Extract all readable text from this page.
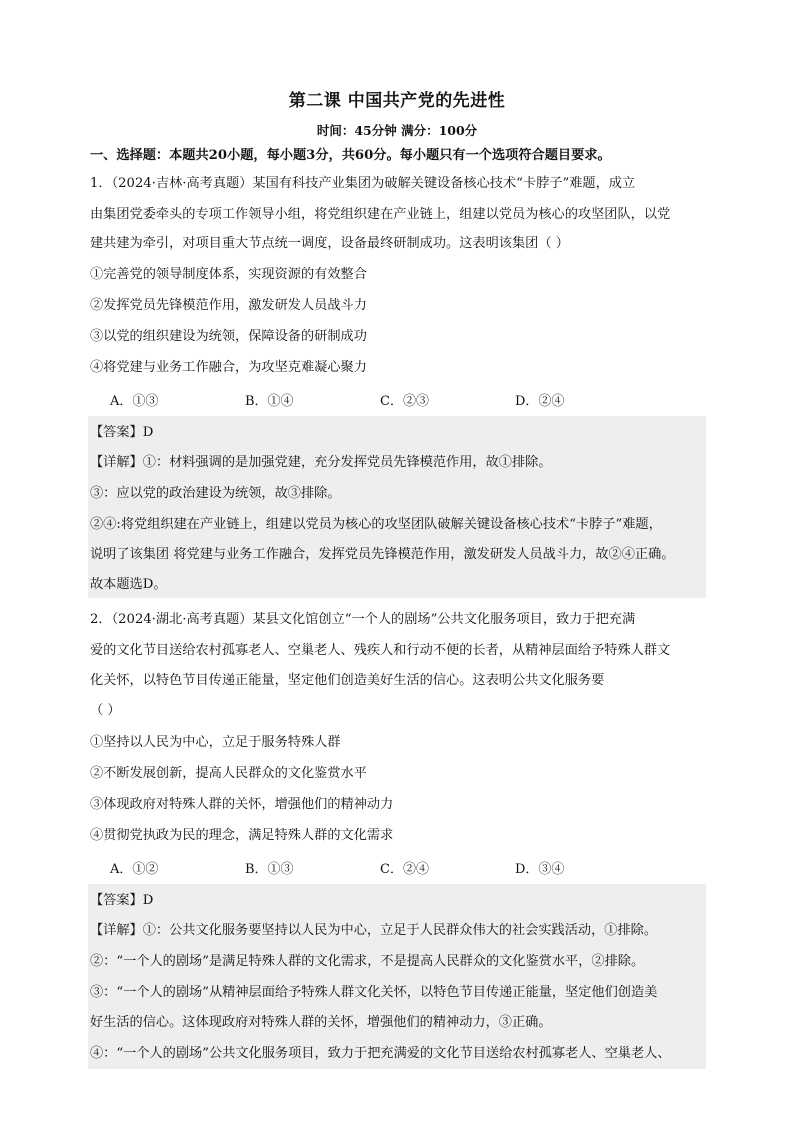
第二课 中国共产党的先进性
时间：45分钟 满分：100分
一、选择题：本题共20小题，每小题3分，共60分。每小题只有一个选项符合题目要求。
1．（2024·吉林·高考真题）某国有科技产业集团为破解关键设备核心技术“卡脖子”难题，成立
由集团党委牵头的专项工作领导小组，将党组织建在产业链上，组建以党员为核心的攻坚团队，以党
建共建为牵引，对项目重大节点统一调度，设备最终研制成功。这表明该集团（ ）
①完善党的领导制度体系，实现资源的有效整合
②发挥党员先锋模范作用，激发研发人员战斗力
③以党的组织建设为统领，保障设备的研制成功
④将党建与业务工作融合，为攻坚克难凝心聚力
A．①③	B．①④	C．②③	D．②④
【答案】D
【详解】①：材料强调的是加强党建，充分发挥党员先锋模范作用，故①排除。
③：应以党的政治建设为统领，故③排除。
②④:将党组织建在产业链上，组建以党员为核心的攻坚团队破解关键设备核心技术“卡脖子”难题，
说明了该集团 将党建与业务工作融合，发挥党员先锋模范作用，激发研发人员战斗力，故②④正确。
故本题选D。
2．（2024·湖北·高考真题）某县文化馆创立“一个人的剧场”公共文化服务项目，致力于把充满
爱的文化节目送给农村孤寡老人、空巢老人、残疾人和行动不便的长者，从精神层面给予特殊人群文
化关怀，以特色节目传递正能量，坚定他们创造美好生活的信心。这表明公共文化服务要
（ ）
①坚持以人民为中心，立足于服务特殊人群
②不断发展创新，提高人民群众的文化鉴赏水平
③体现政府对特殊人群的关怀，增强他们的精神动力
④贯彻党执政为民的理念，满足特殊人群的文化需求
A．①②	B．①③	C．②④	D．③④
【答案】D
【详解】①：公共文化服务要坚持以人民为中心，立足于人民群众伟大的社会实践活动，①排除。
②：“一个人的剧场”是满足特殊人群的文化需求，不是提高人民群众的文化鉴赏水平，②排除。
③：“一个人的剧场”从精神层面给予特殊人群文化关怀，以特色节目传递正能量，坚定他们创造美
好生活的信心。这体现政府对特殊人群的关怀，增强他们的精神动力，③正确。
④：“一个人的剧场”公共文化服务项目，致力于把充满爱的文化节目送给农村孤寡老人、空巢老人、
